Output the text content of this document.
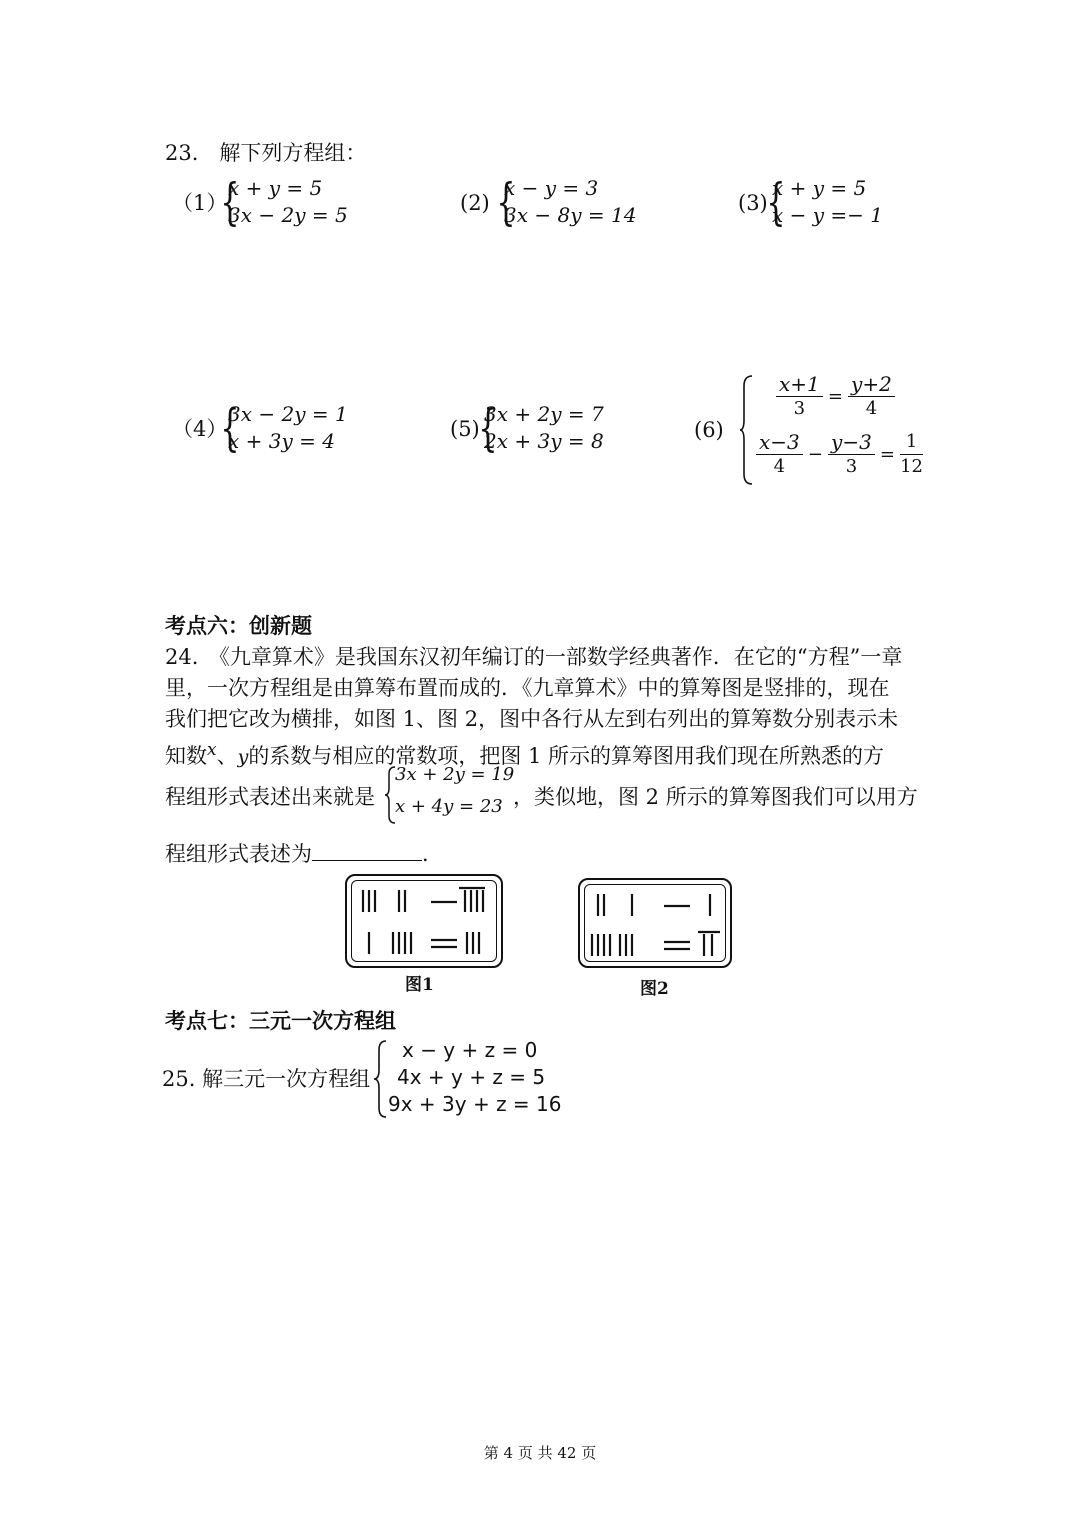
23.　解下列方程组：
（1）
{
x + y = 5
3x − 2y = 5	(2) {
x − y = 3
3x − 8y = 14	(3)
{
x + y = 5
x − y =− 1
（4）
{
3x − 2y = 1
x + 3y = 4	(5)
{
3x + 2y = 7
2x + 3y = 8	(6)
$\frac{x+1}{3} = \frac{y+2}{4}$
$\frac{x-3}{4} - \frac{y-3}{3} = \frac{1}{12}$
考点六：创新题
24.　《九章算术》是我国东汉初年编订的一部数学经典著作．在它的“方程”一章
里，一次方程组是由算筹布置而成的．《九章算术》中的算筹图是竖排的，现在
我们把它改为横排，如图 1、图 2，图中各行从左到右列出的算筹数分别表示未
知数$^x$、y的系数与相应的常数项，把图 1 所示的算筹图用我们现在所熟悉的方
程组形式表述出来就是
3x + 2y = 19
x + 4y = 23 ，类似地，图 2 所示的算筹图我们可以用方
程组形式表述为	．
图1	图2
考点七：三元一次方程组
25. 解三元一次方程组
x − y + z = 0
4x + y + z = 5
9x + 3y + z = 16
第 4 页 共 42 页
